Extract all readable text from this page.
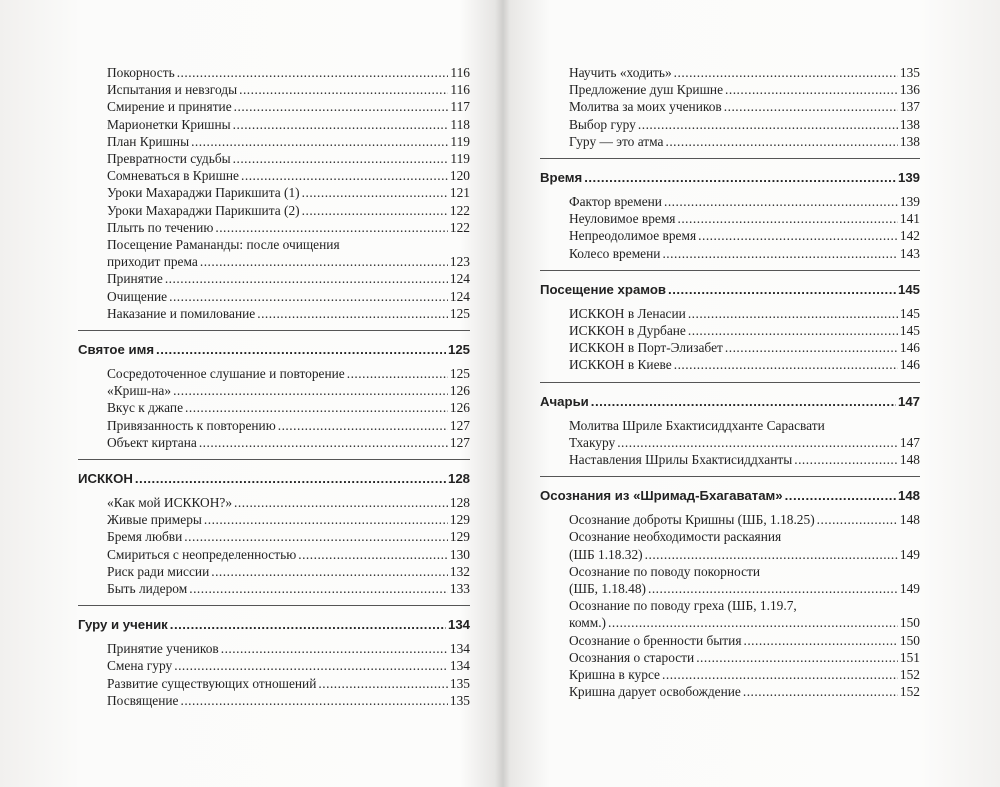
Покорность .....	116
Испытания и невзгоды .....	116
Смирение и принятие .....	117
Марионетки Кришны .....	118
План Кришны .....	119
Превратности судьбы .....	119
Сомневаться в Кришне .....	120
Уроки Махараджи Парикшита (1) .....	121
Уроки Махараджи Парикшита (2) .....	122
Плыть по течению .....	122
Посещение Рамананды: после очищения
приходит према .....	123
Принятие .....	124
Очищение .....	124
Наказание и помилование .....	125
Святое имя .....	125
Сосредоточенное слушание и повторение .....	125
«Криш-на» .....	126
Вкус к джапе .....	126
Привязанность к повторению .....	127
Объект киртана .....	127
ИСККОН .....	128
«Как мой ИСККОН?» .....	128
Живые примеры .....	129
Бремя любви .....	129
Смириться с неопределенностью .....	130
Риск ради миссии .....	132
Быть лидером .....	133
Гуру и ученик .....	134
Принятие учеников .....	134
Смена гуру .....	134
Развитие существующих отношений .....	135
Посвящение .....	135
Научить «ходить» .....	135
Предложение душ Кришне .....	136
Молитва за моих учеников .....	137
Выбор гуру .....	138
Гуру — это атма .....	138
Время .....	139
Фактор времени .....	139
Неуловимое время .....	141
Непреодолимое время .....	142
Колесо времени .....	143
Посещение храмов .....	145
ИСККОН в Ленасии .....	145
ИСККОН в Дурбане .....	145
ИСККОН в Порт-Элизабет .....	146
ИСККОН в Киеве .....	146
Ачарьи .....	147
Молитва Шриле Бхактисиддханте Сарасвати
Тхакуру .....	147
Наставления Шрилы Бхактисиддханты .....	148
Осознания из «Шримад-Бхагаватам» .....	148
Осознание доброты Кришны (ШБ, 1.18.25) .....	148
Осознание необходимости раскаяния
(ШБ 1.18.32) .....	149
Осознание по поводу покорности
(ШБ, 1.18.48) .....	149
Осознание по поводу греха (ШБ, 1.19.7,
комм.) .....	150
Осознание о бренности бытия .....	150
Осознания о старости .....	151
Кришна в курсе .....	152
Кришна дарует освобождение .....	152
